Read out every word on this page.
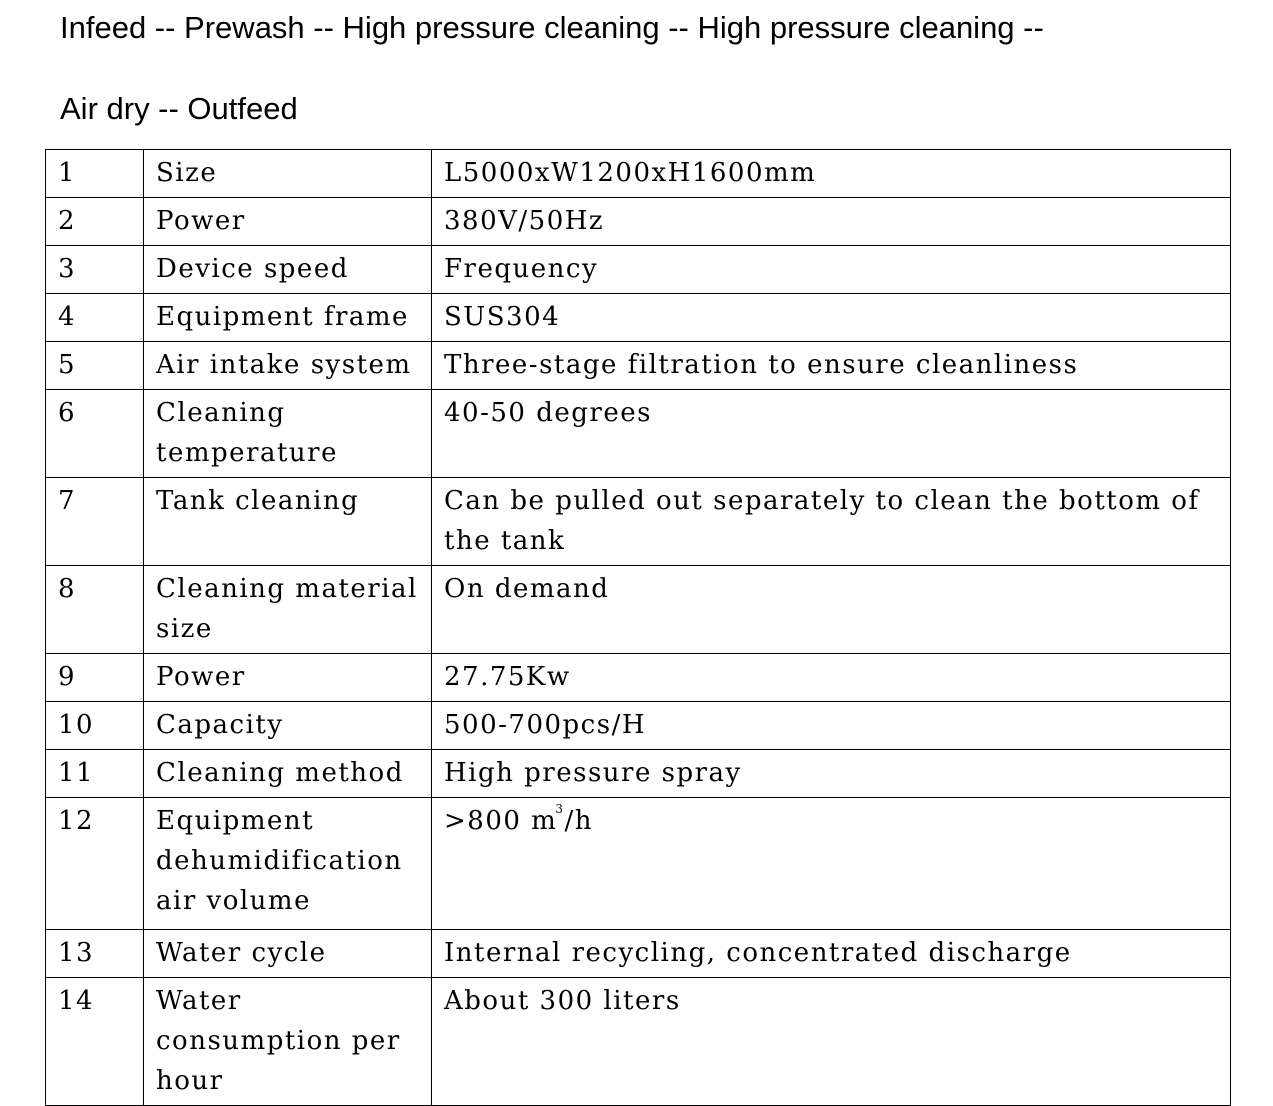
Infeed -- Prewash -- High pressure cleaning -- High pressure cleaning --

Air dry -- Outfeed

1	Size	L5000xW1200xH1600mm
2	Power	380V/50Hz
3	Device speed	Frequency
4	Equipment frame	SUS304
5	Air intake system	Three-stage filtration to ensure cleanliness
6	Cleaning temperature	40-50 degrees
7	Tank cleaning	Can be pulled out separately to clean the bottom of the tank
8	Cleaning material size	On demand
9	Power	27.75Kw
10	Capacity	500-700pcs/H
11	Cleaning method	High pressure spray
12	Equipment dehumidification air volume	>800 $m^3/h$
13	Water cycle	Internal recycling, concentrated discharge
14	Water consumption per hour	About 300 liters
